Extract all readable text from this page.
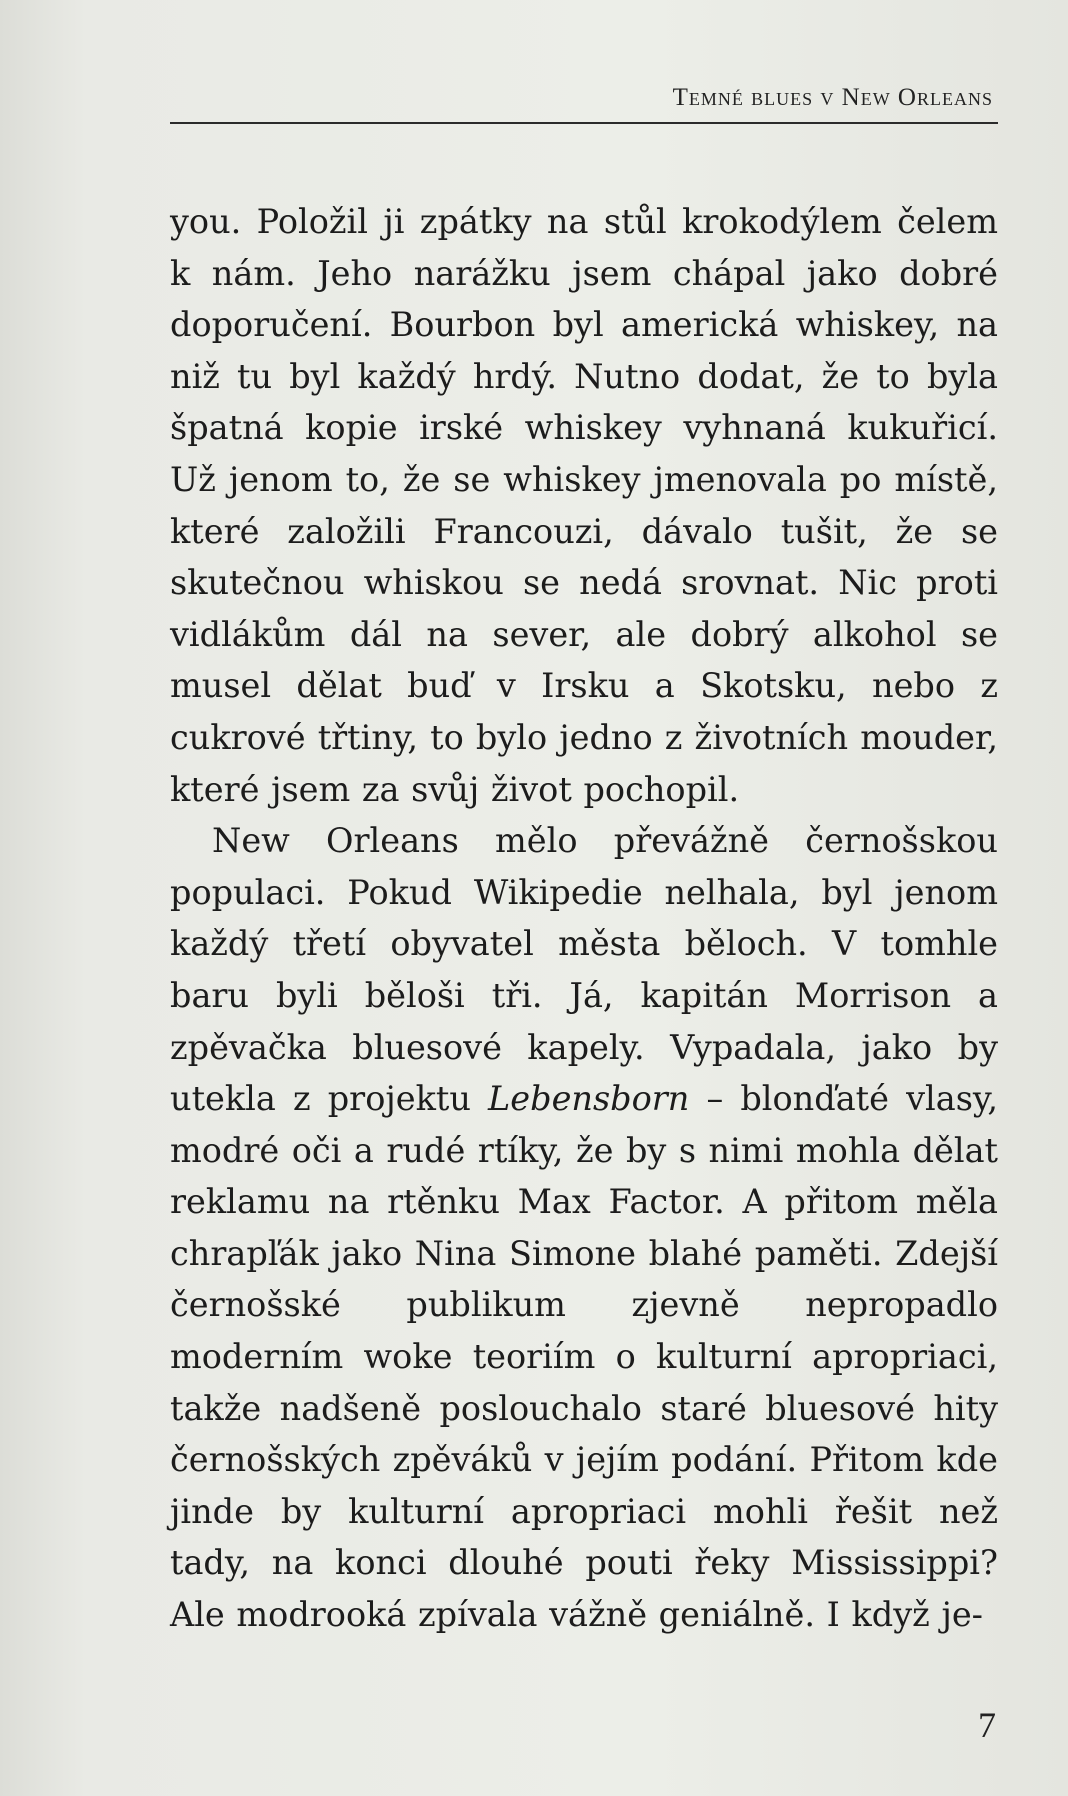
Temné blues v New Orleans

you. Položil ji zpátky na stůl krokodýlem čelem k nám. Jeho narážku jsem chápal jako dobré doporučení. Bourbon byl americká whiskey, na niž tu byl každý hrdý. Nutno dodat, že to byla špatná kopie irské whiskey vyhnaná kukuřicí. Už jenom to, že se whiskey jmenovala po místě, které založili Francouzi, dávalo tušit, že se skutečnou whiskou se nedá srovnat. Nic proti vidlákům dál na sever, ale dobrý alkohol se musel dělat buď v Irsku a Skotsku, nebo z cukrové třtiny, to bylo jedno z životních mouder, které jsem za svůj život pochopil.

New Orleans mělo převážně černošskou populaci. Pokud Wikipedie nelhala, byl jenom každý třetí obyvatel města běloch. V tomhle baru byli běloši tři. Já, kapitán Morrison a zpěvačka bluesové kapely. Vypadala, jako by utekla z projektu Lebensborn – blonďaté vlasy, modré oči a rudé rtíky, že by s nimi mohla dělat reklamu na rtěnku Max Factor. A přitom měla chrapľák jako Nina Simone blahé paměti. Zdejší černošské publikum zjevně nepropadlo moderním woke teoriím o kulturní apropriaci, takže nadšeně poslouchalo staré bluesové hity černošských zpěváků v jejím podání. Přitom kde jinde by kulturní apropriaci mohli řešit než tady, na konci dlouhé pouti řeky Mississippi? Ale modrooká zpívala vážně geniálně. I když je-

7
